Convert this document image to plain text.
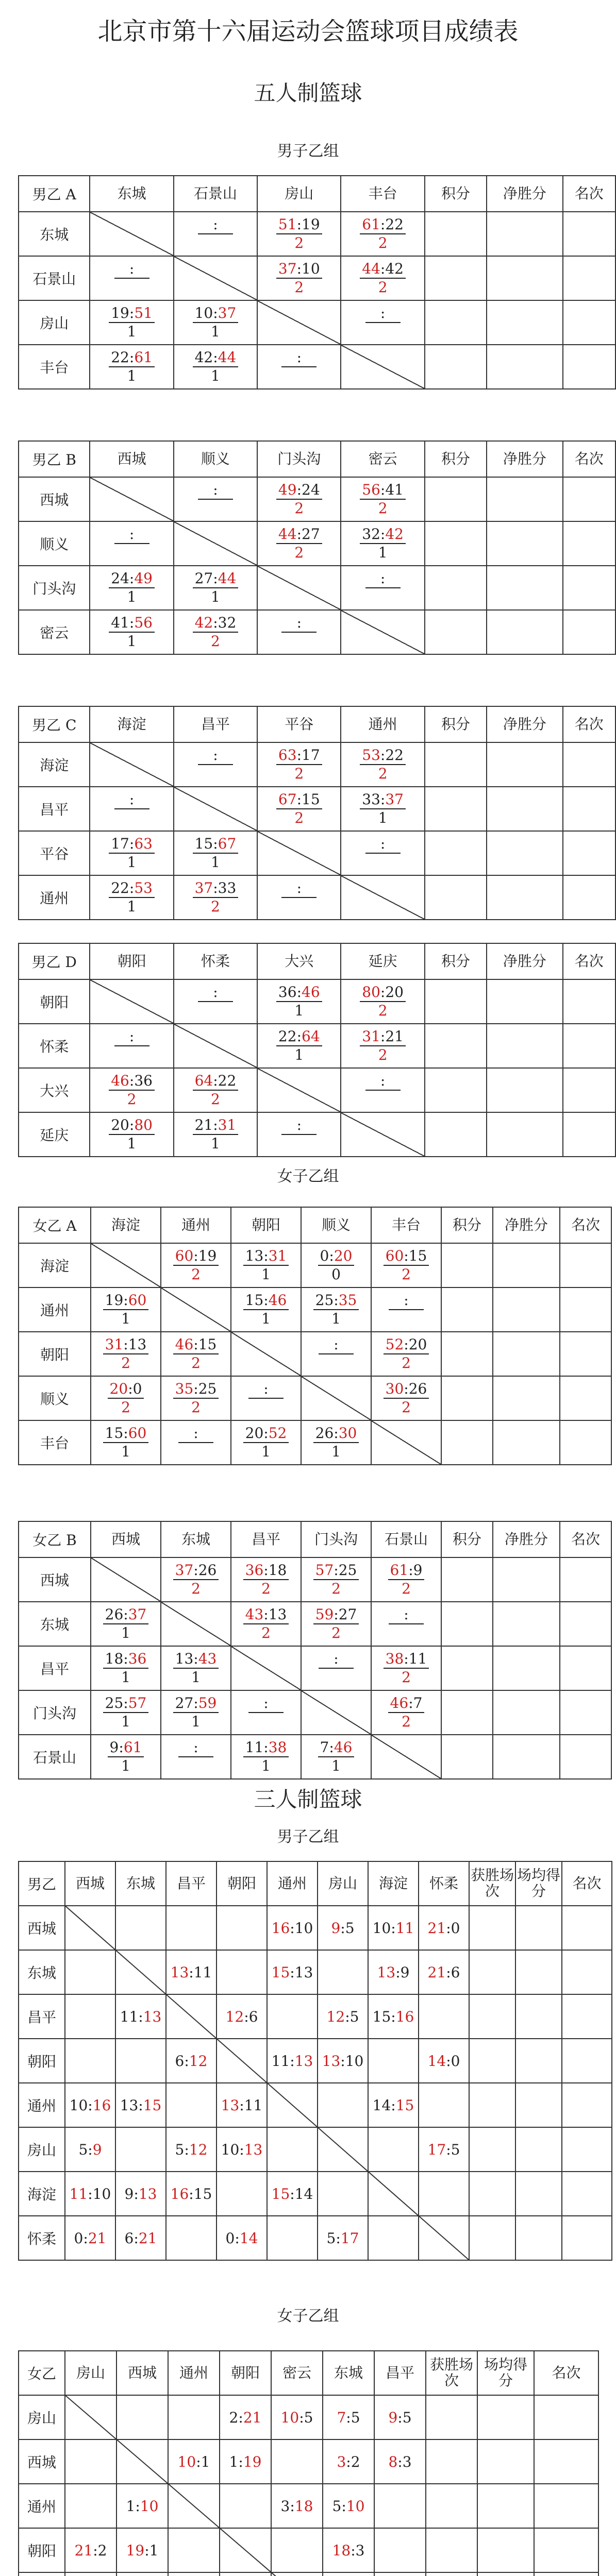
北京市第十六届运动会篮球项目成绩表
五人制篮球
男子乙组
男乙 A	东城	石景山	房山	丰台	积分	净胜分	名次
东城		:	$\frac{51:19}{2}$	$\frac{61:22}{2}$

石景山	:		$\frac{37:10}{2}$	$\frac{44:42}{2}$

房山	$\frac{19:51}{1}$	$\frac{10:37}{1}$		:			

丰台	$\frac{22:61}{1}$	$\frac{42:44}{1}$	:				

男乙 B	西城	顺义	门头沟	密云	积分	净胜分	名次
西城		:	$\frac{49:24}{2}$	$\frac{56:41}{2}$

顺义	:		$\frac{44:27}{2}$	$\frac{32:42}{1}$

门头沟	$\frac{24:49}{1}$	$\frac{27:44}{1}$		:			

密云	$\frac{41:56}{1}$	$\frac{42:32}{2}$	:				

男乙 C	海淀	昌平	平谷	通州	积分	净胜分	名次
海淀		:	$\frac{63:17}{2}$	$\frac{53:22}{2}$

昌平	:		$\frac{67:15}{2}$	$\frac{33:37}{1}$

平谷	$\frac{17:63}{1}$	$\frac{15:67}{1}$		:			

通州	$\frac{22:53}{1}$	$\frac{37:33}{2}$	:				

男乙 D	朝阳	怀柔	大兴	延庆	积分	净胜分	名次
朝阳		:	$\frac{36:46}{1}$	$\frac{80:20}{2}$

怀柔	:		$\frac{22:64}{1}$	$\frac{31:21}{2}$

大兴	$\frac{46:36}{2}$	$\frac{64:22}{2}$		:			

延庆	$\frac{20:80}{1}$	$\frac{21:31}{1}$	:				

女子乙组
女乙 A	海淀	通州	朝阳	顺义	丰台	积分	净胜分	名次
海淀		$\frac{60:19}{2}$	$\frac{13:31}{1}$	$\frac{0:20}{0}$	$\frac{60:15}{2}$

通州	$\frac{19:60}{1}$		$\frac{15:46}{1}$	$\frac{25:35}{1}$	:			

朝阳	$\frac{31:13}{2}$	$\frac{46:15}{2}$		:	$\frac{52:20}{2}$

顺义	$\frac{20:0}{2}$	$\frac{35:25}{2}$	:		$\frac{30:26}{2}$

丰台	$\frac{15:60}{1}$	:	$\frac{20:52}{1}$	$\frac{26:30}{1}$

女乙 B	西城	东城	昌平	门头沟	石景山	积分	净胜分	名次
西城		$\frac{37:26}{2}$	$\frac{36:18}{2}$	$\frac{57:25}{2}$	$\frac{61:9}{2}$

东城	$\frac{26:37}{1}$		$\frac{43:13}{2}$	$\frac{59:27}{2}$	:			

昌平	$\frac{18:36}{1}$	$\frac{13:43}{1}$		:	$\frac{38:11}{2}$

门头沟	$\frac{25:57}{1}$	$\frac{27:59}{1}$	:		$\frac{46:7}{2}$

石景山	$\frac{9:61}{1}$	:	$\frac{11:38}{1}$	$\frac{7:46}{1}$

三人制篮球
男子乙组
男乙	西城	东城	昌平	朝阳	通州	房山	海淀	怀柔	获胜场次	场均得分	名次
西城					16:10	9:5	10:11	21:0			
东城			13:11		15:13		13:9	21:6			
昌平		11:13		12:6		12:5	15:16				
朝阳			6:12		11:13	13:10		14:0			
通州	10:16	13:15		13:11			14:15				
房山	5:9		5:12	10:13				17:5			
海淀	11:10	9:13	16:15		15:14						
怀柔	0:21	6:21		0:14		5:17					
女子乙组
女乙	房山	西城	通州	朝阳	密云	东城	昌平	获胜场次	场均得分	名次
房山				2:21	10:5	7:5	9:5			
西城			10:1	1:19		3:2	8:3			
通州		1:10			3:18	5:10				
朝阳	21:2	19:1				18:3				
